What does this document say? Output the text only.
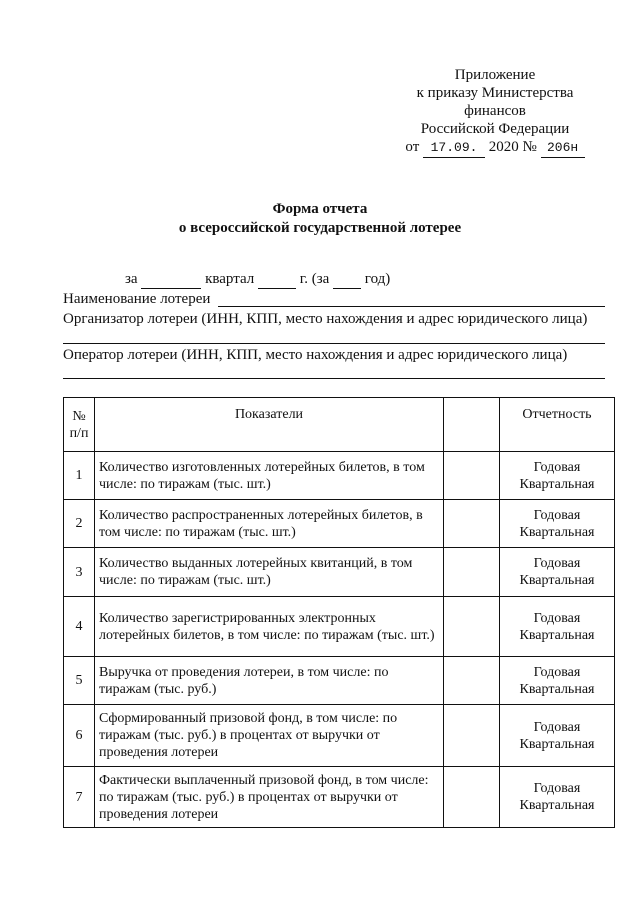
Приложение
к приказу Министерства
финансов
Российской Федерации
от 17.09. 2020 № 206н
Форма отчета
о всероссийской государственной лотерее
за	квартал	г. (за год)
Наименование лотереи
Организатор лотереи (ИНН, КПП, место нахождения и адрес юридического лица)
Оператор лотереи (ИНН, КПП, место нахождения и адрес юридического лица)
№ п/п	Показатели		Отчетность
1	Количество изготовленных лотерейных билетов, в том числе: по тиражам (тыс. шт.)		Годовая
Квартальная

2	Количество распространенных лотерейных билетов, в том числе: по тиражам (тыс. шт.)		Годовая
Квартальная

3	Количество выданных лотерейных квитанций, в том числе: по тиражам (тыс. шт.)		Годовая
Квартальная

4	Количество зарегистрированных электронных лотерейных билетов, в том числе: по тиражам (тыс. шт.)		Годовая
Квартальная

5	Выручка от проведения лотереи, в том числе: по тиражам (тыс. руб.)		Годовая
Квартальная

6	Сформированный призовой фонд, в том числе: по тиражам (тыс. руб.) в процентах от выручки от проведения лотереи		Годовая
Квартальная

7	Фактически выплаченный призовой фонд, в том числе: по тиражам (тыс. руб.) в процентах от выручки от проведения лотереи		Годовая
Квартальная
